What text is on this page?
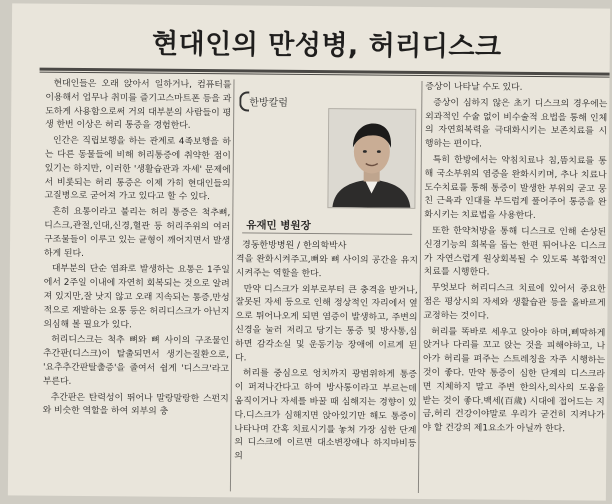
현대인의 만성병, 허리디스크

현대인들은 오래 앉아서 일하거나, 컴퓨터를 이용해서 업무나 취미를 즐기고스마트폰 등을 과도하게 사용함으로써 거의 대부분의 사람들이 평생 한번 이상은 허리 통증을 경험한다.

인간은 직립보행을 하는 관계로 4족보행을 하는 다른 동물들에 비해 허리통증에 취약한 점이 있기는 하지만, 이러한 '생활습관과 자세' 문제에서 비롯되는 허리 통증은 이제 가히 현대인들의 고질병으로 굳어져 가고 있다고 할 수 있다.

흔히 요통이라고 불리는 허리 통증은 척추뼈,디스크,관절,인대,신경,혈관 등 허리주위의 여러 구조물들이 이루고 있는 균형이 깨어지면서 발생하게 된다.

대부분의 단순 염좌로 발생하는 요통은 1주일에서 2주일 이내에 자연히 회복되는 것으로 알려져 있지만,잘 낫지 않고 오래 지속되는 통증,만성적으로 재발하는 요통 등은 허리디스크가 아닌지 의심해 볼 필요가 있다.

허리디스크는 척추 뼈와 뼈 사이의 구조물인 추간판(디스크)이 탈출되면서 생기는질환으로, '요추추간판탈출증'을 줄여서 쉽게 '디스크'라고 부른다.

추간판은 탄력성이 뛰어나 말랑말랑한 스펀지와 비슷한 역할을 하여 외부의 충

한방칼럼
유재민 병원장
경동한방병원 / 한의학박사

격을 완화시켜주고,뼈와 뼈 사이의 공간을 유지시켜주는 역할을 한다.

만약 디스크가 외부로부터 큰 충격을 받거나,잘못된 자세 등으로 인해 정상적인 자리에서 옆으로 튀어나오게 되면 염증이 발생하고, 주변의 신경을 눌러 저리고 당기는 통증 및 방사통,심하면 감각소실 및 운동기능 장애에 이르게 된다.

허리를 중심으로 엉치까지 광범위하게 통증이 퍼져나간다고 하여 방사통이라고 부르는데 움직이거나 자세를 바꿀 때 심해지는 경향이 있다.디스크가 심해지면 앉아있기만 해도 통증이 나타나며 간혹 치료시기를 놓쳐 가장 심한 단계의 디스크에 이르면 대소변장애나 하지마비등의

증상이 나타날 수도 있다.

증상이 심하지 않은 초기 디스크의 경우에는 외과적인 수술 없이 비수술적 요법을 통해 인체의 자연회복력을 극대화시키는 보존치료를 시행하는 편이다.

특히 한방에서는 약침치료나 침,뜸치료를 통해 국소부위의 염증을 완화시키며, 추나 치료나 도수치료를 통해 통증이 발생한 부위의 굳고 뭉친 근육과 인대를 부드럽게 풀어주어 통증을 완화시키는 치료법을 사용한다.

또한 한약처방을 통해 디스크로 인해 손상된 신경기능의 회복을 돕는 한편 튀어나온 디스크가 자연스럽게 원상회복될 수 있도록 복합적인 치료를 시행한다.

무엇보다 허리디스크 치료에 있어서 중요한 점은 평상시의 자세와 생활습관 등을 올바르게 교정하는 것이다.

허리를 똑바로 세우고 앉아야 하며,삐딱하게 앉거나 다리를 꼬고 앉는 것을 피해야하고, 나아가 허리를 펴주는 스트레칭을 자주 시행하는 것이 좋다. 만약 통증이 심한 단계의 디스크라면 지체하지 말고 주변 한의사,의사의 도움을 받는 것이 좋다.백세(百歲) 시대에 접어드는 지금,허리 건강이야말로 우리가 굳건히 지켜나가야 할 건강의 제1요소가 아닐까 한다.
